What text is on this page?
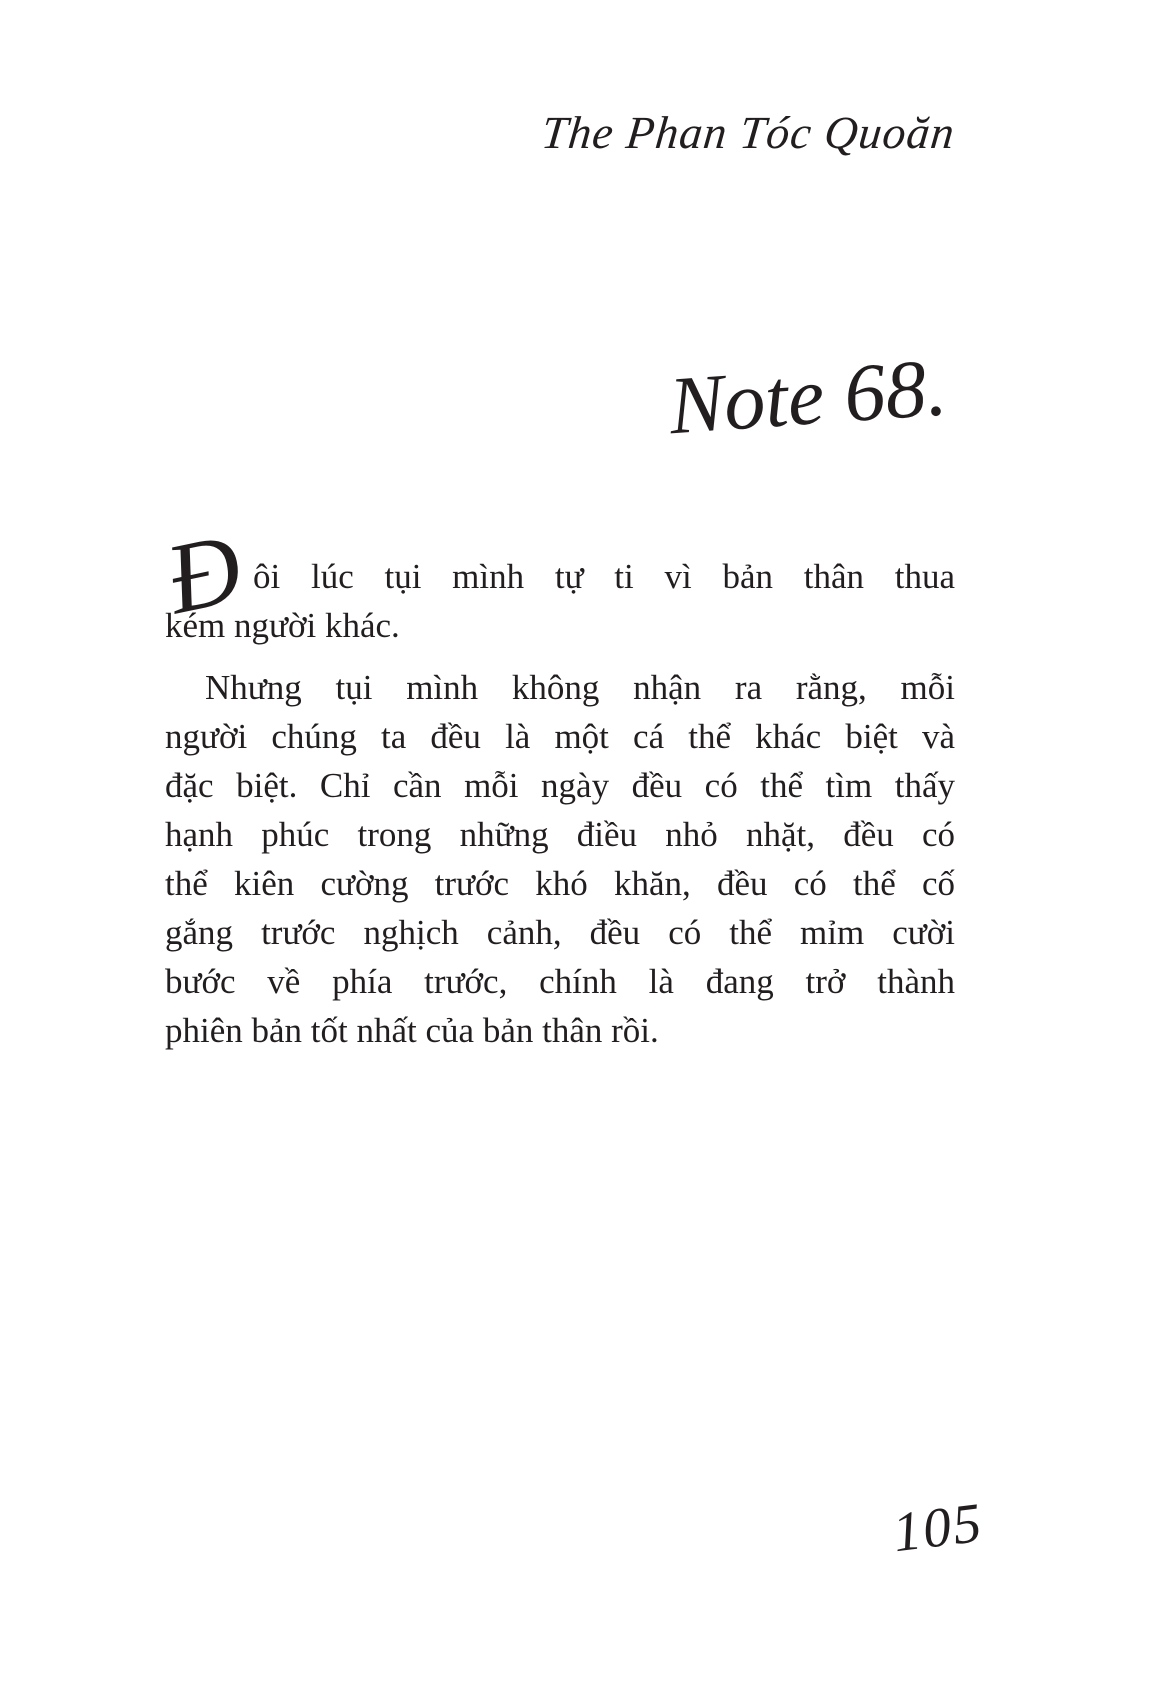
The Phan Tóc Quoăn
Note 68.
Đ ôi lúc tụi mình tự ti vì bản thân thua
kém người khác.
Nhưng tụi mình không nhận ra rằng, mỗi
người chúng ta đều là một cá thể khác biệt và
đặc biệt. Chỉ cần mỗi ngày đều có thể tìm thấy
hạnh phúc trong những điều nhỏ nhặt, đều có
thể kiên cường trước khó khăn, đều có thể cố
gắng trước nghịch cảnh, đều có thể mỉm cười
bước về phía trước, chính là đang trở thành
phiên bản tốt nhất của bản thân rồi.
105
